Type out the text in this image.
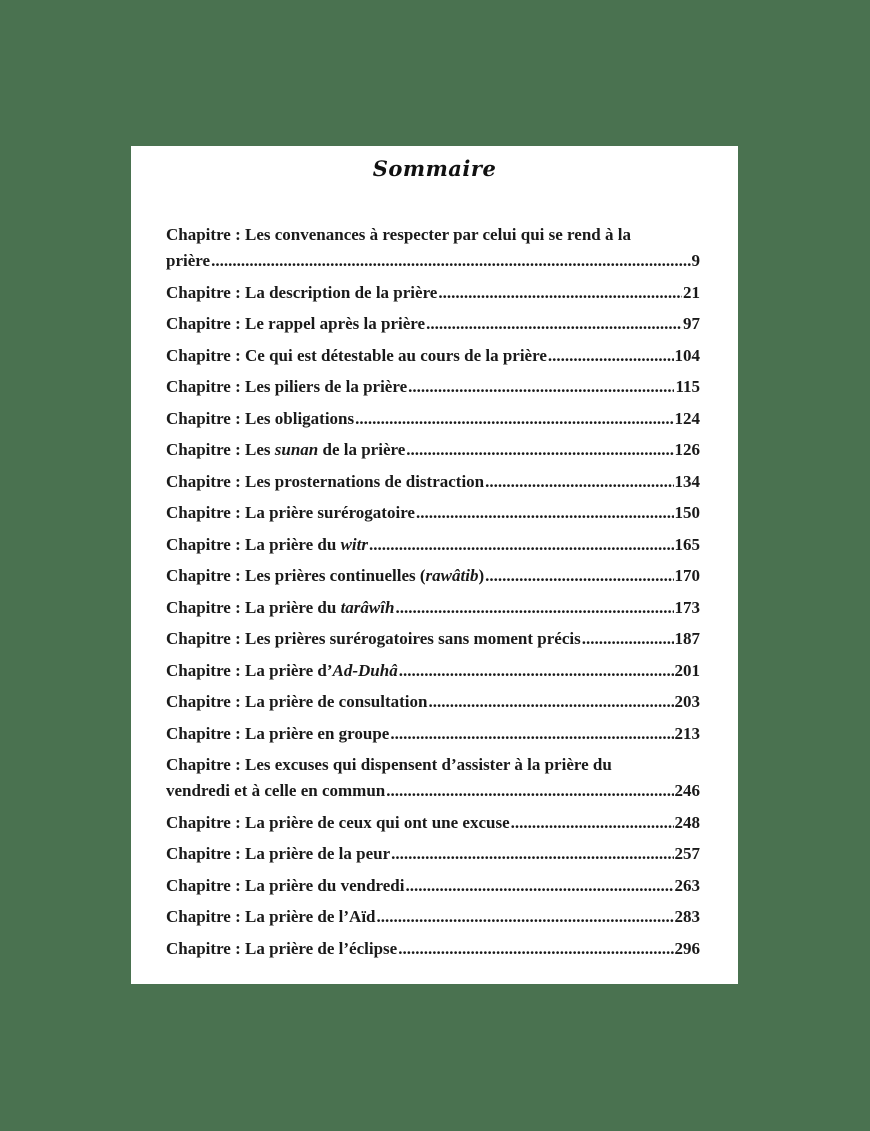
Sommaire
Chapitre : Les convenances à respecter par celui qui se rend à la
prière .....	9
Chapitre : La description de la prière .....	21
Chapitre : Le rappel après la prière .....	97
Chapitre : Ce qui est détestable au cours de la prière .....	104
Chapitre : Les piliers de la prière .....	115
Chapitre : Les obligations .....	124
Chapitre : Les sunan de la prière .....	126
Chapitre : Les prosternations de distraction .....	134
Chapitre : La prière surérogatoire .....	150
Chapitre : La prière du witr .....	165
Chapitre : Les prières continuelles (rawâtib) .....	170
Chapitre : La prière du tarâwîh .....	173
Chapitre : Les prières surérogatoires sans moment précis .....	187
Chapitre : La prière d’Ad-Duhâ .....	201
Chapitre : La prière de consultation .....	203
Chapitre : La prière en groupe .....	213
Chapitre : Les excuses qui dispensent d’assister à la prière du
vendredi et à celle en commun .....	246
Chapitre : La prière de ceux qui ont une excuse .....	248
Chapitre : La prière de la peur .....	257
Chapitre : La prière du vendredi .....	263
Chapitre : La prière de l’Aïd .....	283
Chapitre : La prière de l’éclipse .....	296
